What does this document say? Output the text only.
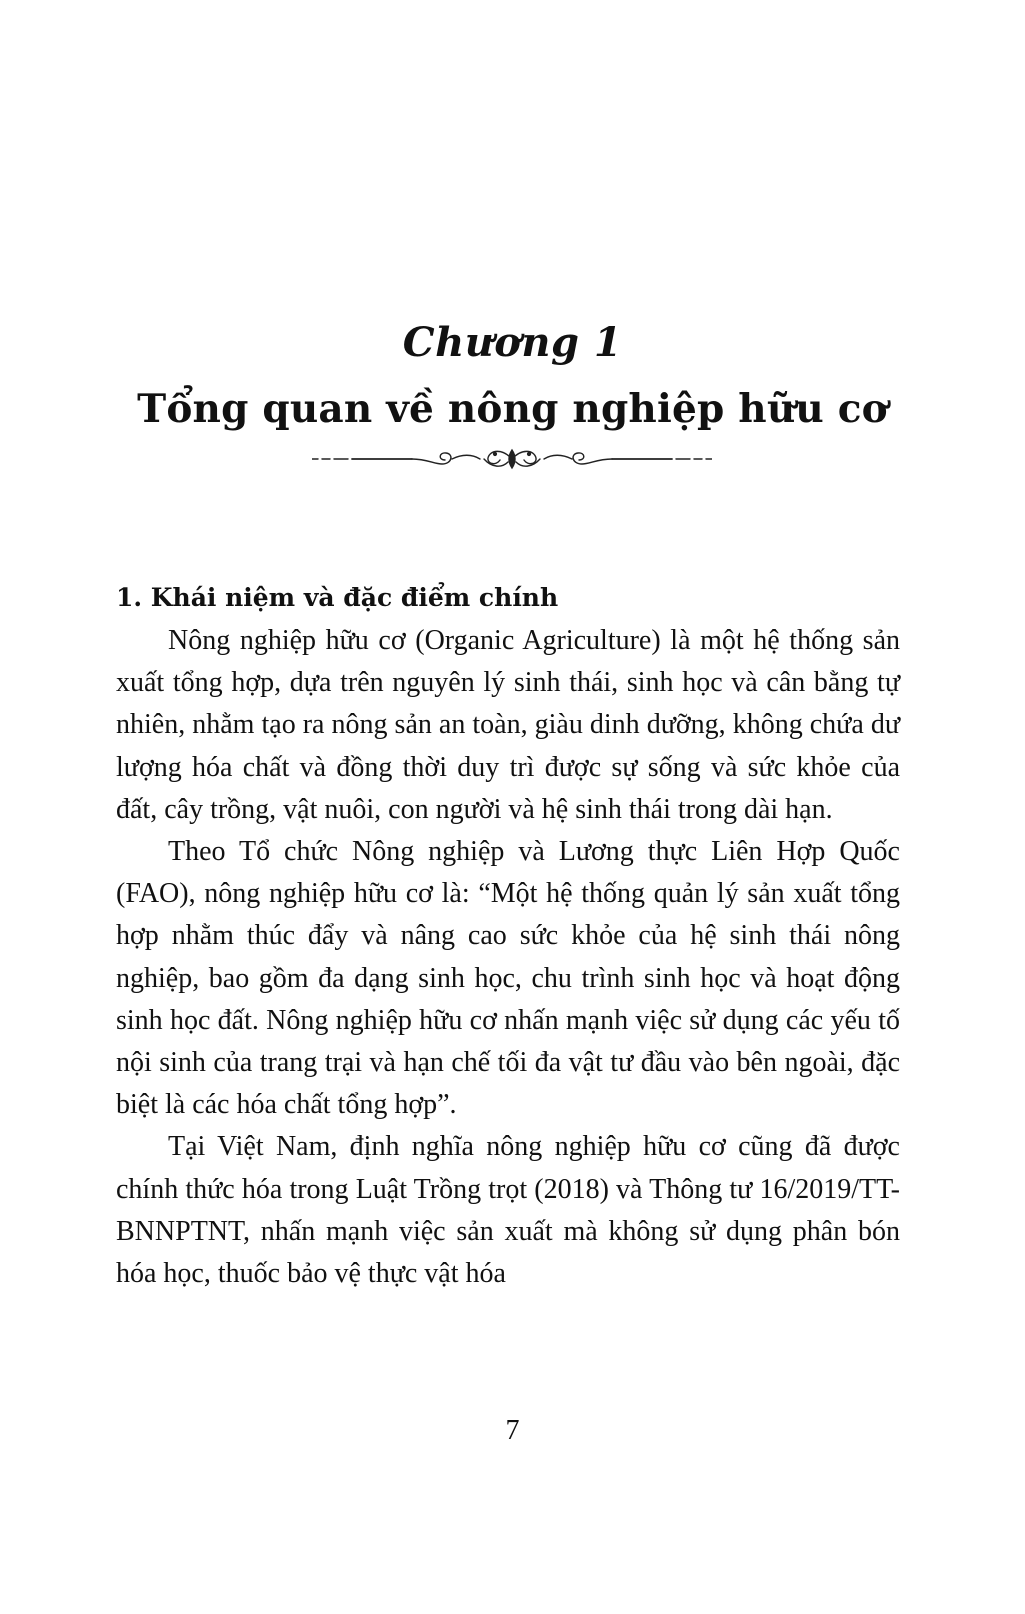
Chương 1
Tổng quan về nông nghiệp hữu cơ
1. Khái niệm và đặc điểm chính

Nông nghiệp hữu cơ (Organic Agriculture) là một hệ thống sản xuất tổng hợp, dựa trên nguyên lý sinh thái, sinh học và cân bằng tự nhiên, nhằm tạo ra nông sản an toàn, giàu dinh dưỡng, không chứa dư lượng hóa chất và đồng thời duy trì được sự sống và sức khỏe của đất, cây trồng, vật nuôi, con người và hệ sinh thái trong dài hạn.

Theo Tổ chức Nông nghiệp và Lương thực Liên Hợp Quốc (FAO), nông nghiệp hữu cơ là: “Một hệ thống quản lý sản xuất tổng hợp nhằm thúc đẩy và nâng cao sức khỏe của hệ sinh thái nông nghiệp, bao gồm đa dạng sinh học, chu trình sinh học và hoạt động sinh học đất. Nông nghiệp hữu cơ nhấn mạnh việc sử dụng các yếu tố nội sinh của trang trại và hạn chế tối đa vật tư đầu vào bên ngoài, đặc biệt là các hóa chất tổng hợp”.

Tại Việt Nam, định nghĩa nông nghiệp hữu cơ cũng đã được chính thức hóa trong Luật Trồng trọt (2018) và Thông tư 16/2019/TT-BNNPTNT, nhấn mạnh việc sản xuất mà không sử dụng phân bón hóa học, thuốc bảo vệ thực vật hóa

7
